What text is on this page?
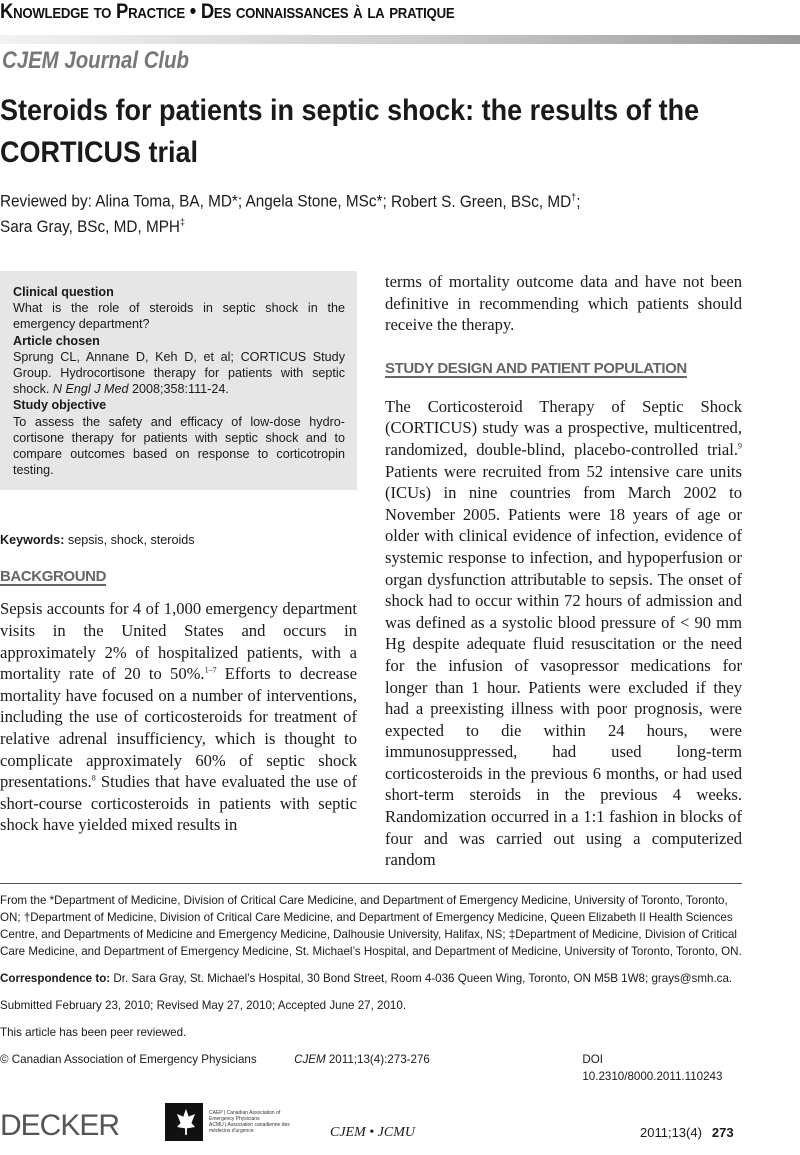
Knowledge to Practice • Des connaissances à la pratique
CJEM Journal Club
Steroids for patients in septic shock: the results of the CORTICUS trial
Reviewed by: Alina Toma, BA, MD*; Angela Stone, MSc*; Robert S. Green, BSc, MD†;
Sara Gray, BSc, MD, MPH‡
Clinical question
What is the role of steroids in septic shock in the emergency department?
Article chosen
Sprung CL, Annane D, Keh D, et al; CORTICUS Study Group. Hydrocortisone therapy for patients with septic shock. N Engl J Med 2008;358:111-24.
Study objective
To assess the safety and efficacy of low-dose hydrocortisone therapy for patients with septic shock and to compare outcomes based on response to corticotropin testing.
Keywords: sepsis, shock, steroids
BACKGROUND
Sepsis accounts for 4 of 1,000 emergency department visits in the United States and occurs in approximately 2% of hospitalized patients, with a mortality rate of 20 to 50%.$^{1-7}$ Efforts to decrease mortality have focused on a number of interventions, including the use of corticosteroids for treatment of relative adrenal insufficiency, which is thought to complicate approximately 60% of septic shock presentations.$^8$ Studies that have evaluated the use of short-course corticosteroids in patients with septic shock have yielded mixed results in
terms of mortality outcome data and have not been definitive in recommending which patients should receive the therapy.
STUDY DESIGN AND PATIENT POPULATION
The Corticosteroid Therapy of Septic Shock (CORTICUS) study was a prospective, multicentred, randomized, double-blind, placebo-controlled trial.$^9$ Patients were recruited from 52 intensive care units (ICUs) in nine countries from March 2002 to November 2005. Patients were 18 years of age or older with clinical evidence of infection, evidence of systemic response to infection, and hypoperfusion or organ dysfunction attributable to sepsis. The onset of shock had to occur within 72 hours of admission and was defined as a systolic blood pressure of < 90 mm Hg despite adequate fluid resuscitation or the need for the infusion of vasopressor medications for longer than 1 hour. Patients were excluded if they had a preexisting illness with poor prognosis, were expected to die within 24 hours, were immunosuppressed, had used long-term corticosteroids in the previous 6 months, or had used short-term steroids in the previous 4 weeks. Randomization occurred in a 1:1 fashion in blocks of four and was carried out using a computerized random
From the *Department of Medicine, Division of Critical Care Medicine, and Department of Emergency Medicine, University of Toronto, Toronto, ON; †Department of Medicine, Division of Critical Care Medicine, and Department of Emergency Medicine, Queen Elizabeth II Health Sciences Centre, and Departments of Medicine and Emergency Medicine, Dalhousie University, Halifax, NS; ‡Department of Medicine, Division of Critical Care Medicine, and Department of Emergency Medicine, St. Michael’s Hospital, and Department of Medicine, University of Toronto, Toronto, ON.
Correspondence to: Dr. Sara Gray, St. Michael’s Hospital, 30 Bond Street, Room 4-036 Queen Wing, Toronto, ON M5B 1W8; grays@smh.ca.
Submitted February 23, 2010; Revised May 27, 2010; Accepted June 27, 2010.
This article has been peer reviewed.
© Canadian Association of Emergency Physicians	CJEM 2011;13(4):273-276	DOI 10.2310/8000.2011.110243
DECKER	CAEP | Canadian Association of Emergency Physicians
ACMU | Association canadienne des médecins d'urgence	CJEM • JCMU	2011;13(4) 273
